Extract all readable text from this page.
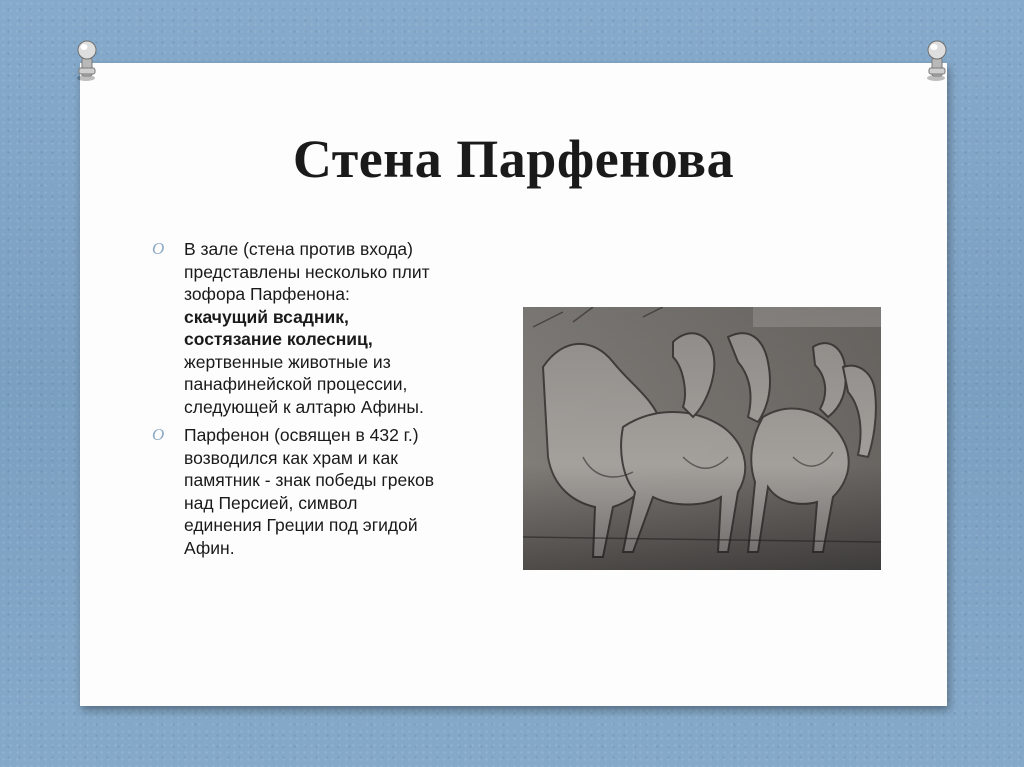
Стена Парфенова
O В зале (стена против входа)
представлены несколько плит
зофора Парфенона:
скачущий всадник,
состязание колесниц,
жертвенные животные из
панафинейской процессии,
следующей к алтарю Афины.
O Парфенон (освящен в 432 г.)
возводился как храм и как
памятник - знак победы греков
над Персией, символ
единения Греции под эгидой
Афин.
